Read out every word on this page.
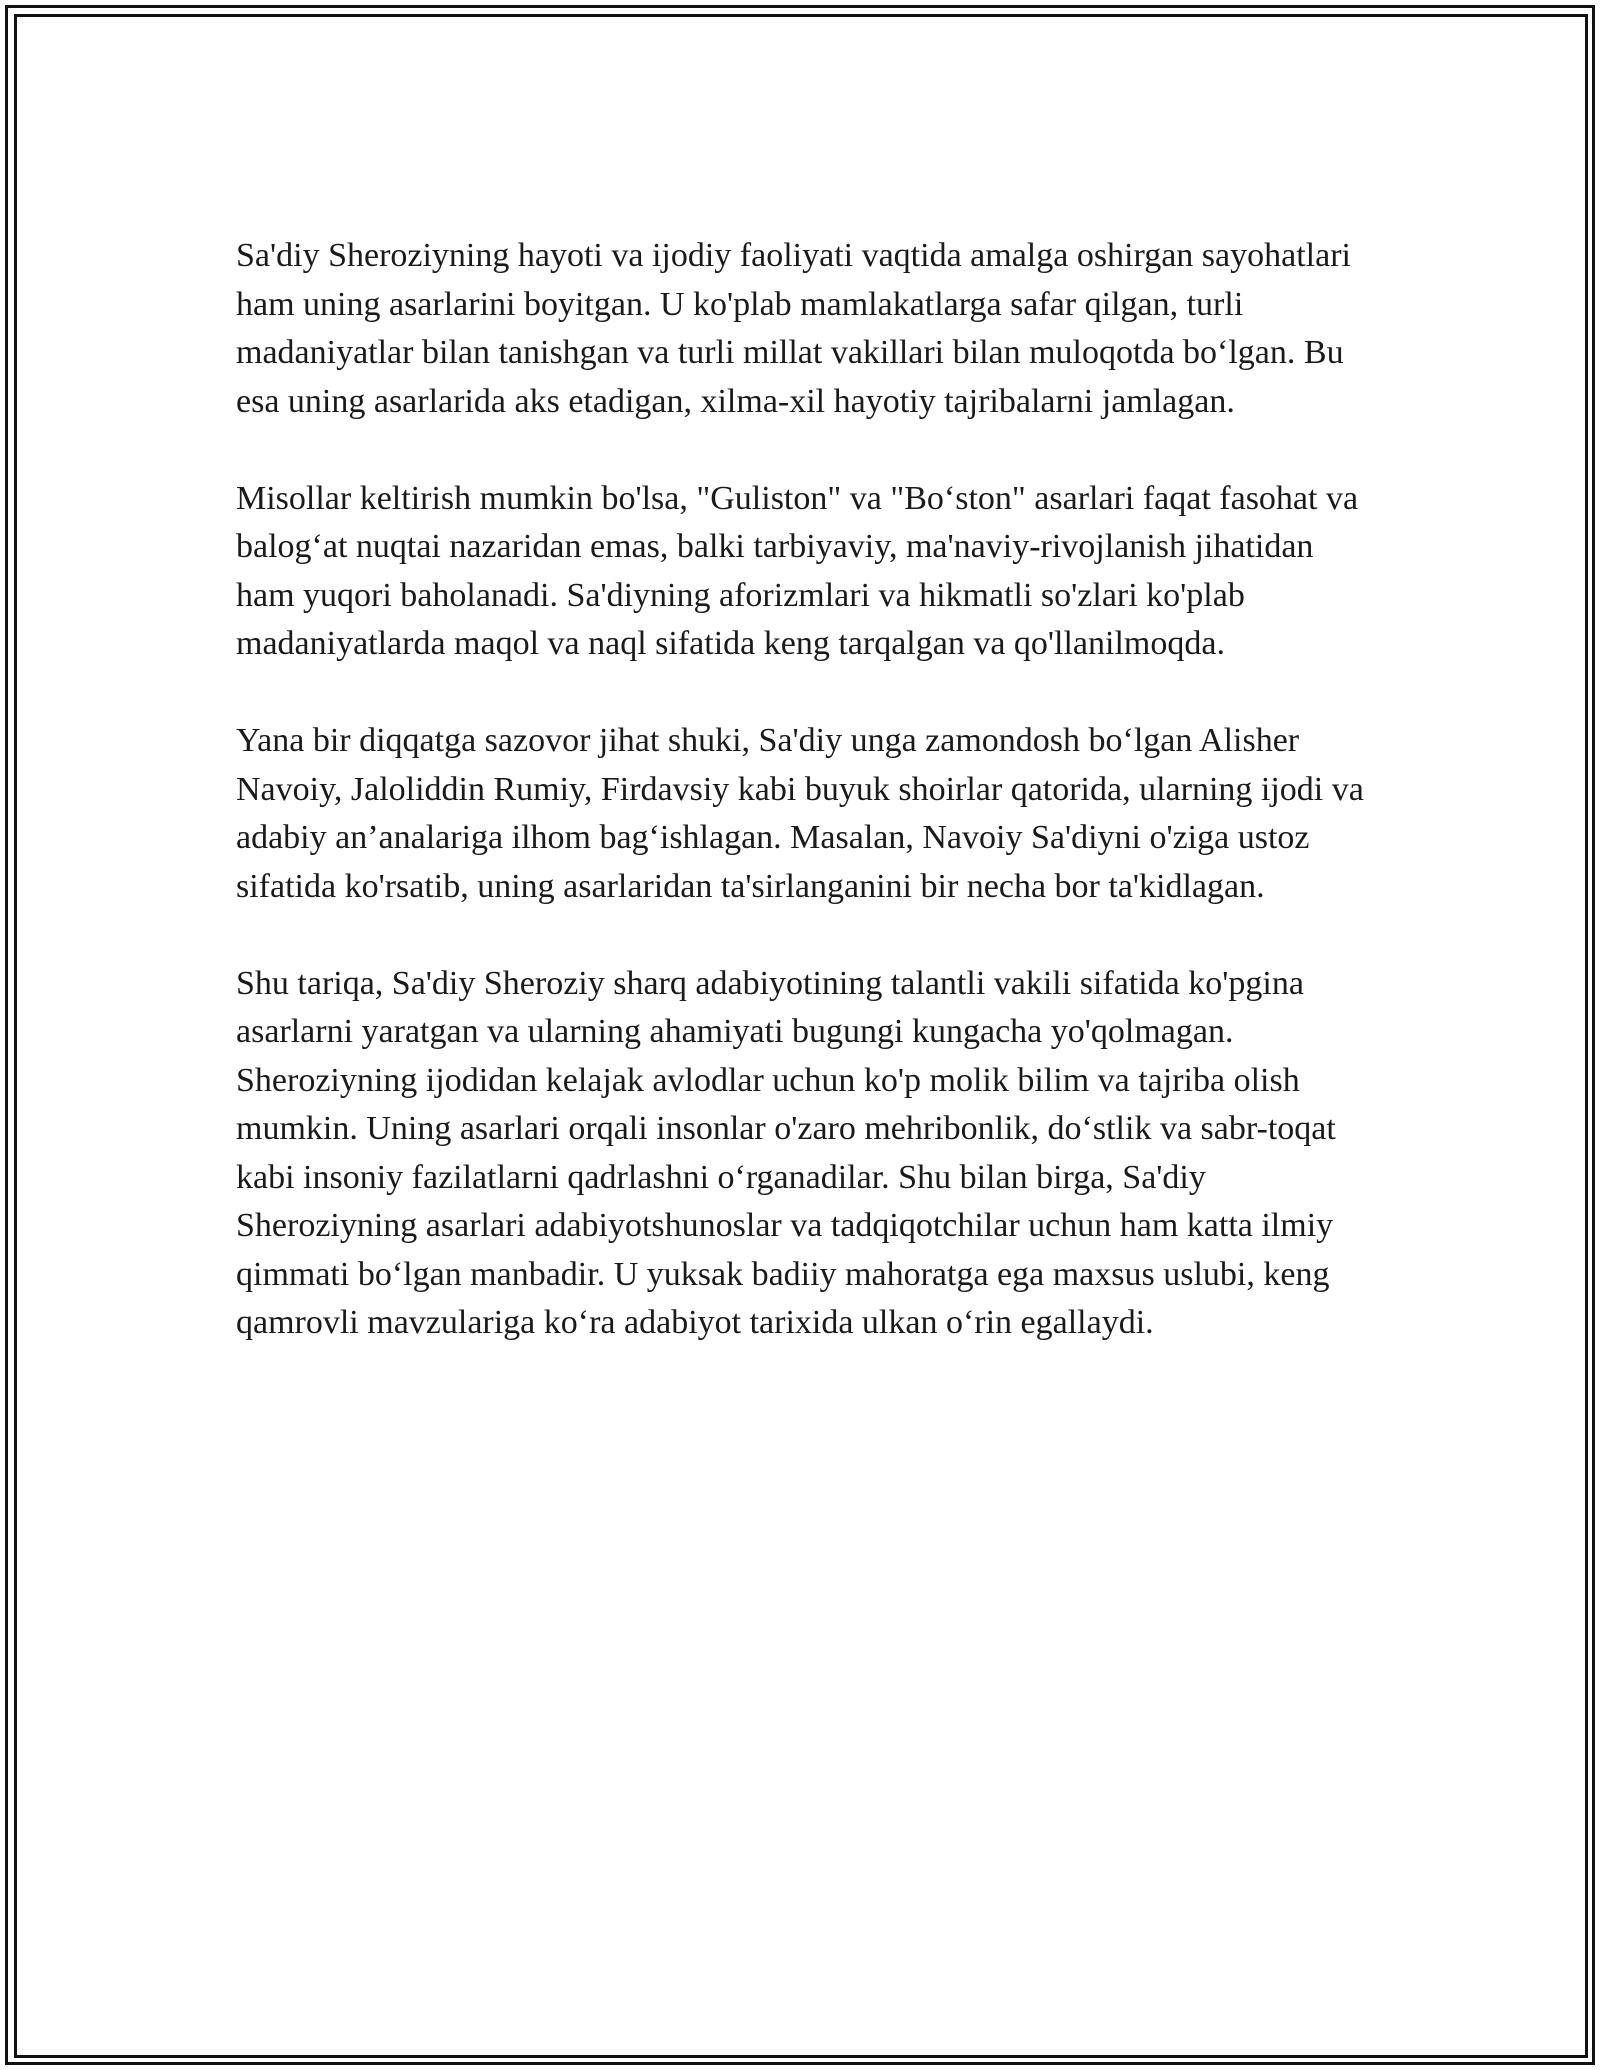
Sa'diy Sheroziyning hayoti va ijodiy faoliyati vaqtida amalga oshirgan sayohatlari ham uning asarlarini boyitgan. U ko'plab mamlakatlarga safar qilgan, turli madaniyatlar bilan tanishgan va turli millat vakillari bilan muloqotda bo‘lgan. Bu esa uning asarlarida aks etadigan, xilma-xil hayotiy tajribalarni jamlagan.

Misollar keltirish mumkin bo'lsa, "Guliston" va "Bo‘ston" asarlari faqat fasohat va balog‘at nuqtai nazaridan emas, balki tarbiyaviy, ma'naviy-rivojlanish jihatidan ham yuqori baholanadi. Sa'diyning aforizmlari va hikmatli so'zlari ko'plab madaniyatlarda maqol va naql sifatida keng tarqalgan va qo'llanilmoqda.

Yana bir diqqatga sazovor jihat shuki, Sa'diy unga zamondosh bo‘lgan Alisher Navoiy, Jaloliddin Rumiy, Firdavsiy kabi buyuk shoirlar qatorida, ularning ijodi va adabiy an’analariga ilhom bag‘ishlagan. Masalan, Navoiy Sa'diyni o'ziga ustoz sifatida ko'rsatib, uning asarlaridan ta'sirlanganini bir necha bor ta'kidlagan.

Shu tariqa, Sa'diy Sheroziy sharq adabiyotining talantli vakili sifatida ko'pgina asarlarni yaratgan va ularning ahamiyati bugungi kungacha yo'qolmagan. Sheroziyning ijodidan kelajak avlodlar uchun ko'p molik bilim va tajriba olish mumkin. Uning asarlari orqali insonlar o'zaro mehribonlik, do‘stlik va sabr-toqat kabi insoniy fazilatlarni qadrlashni o‘rganadilar. Shu bilan birga, Sa'diy Sheroziyning asarlari adabiyotshunoslar va tadqiqotchilar uchun ham katta ilmiy qimmati bo‘lgan manbadir. U yuksak badiiy mahoratga ega maxsus uslubi, keng qamrovli mavzulariga ko‘ra adabiyot tarixida ulkan o‘rin egallaydi.
